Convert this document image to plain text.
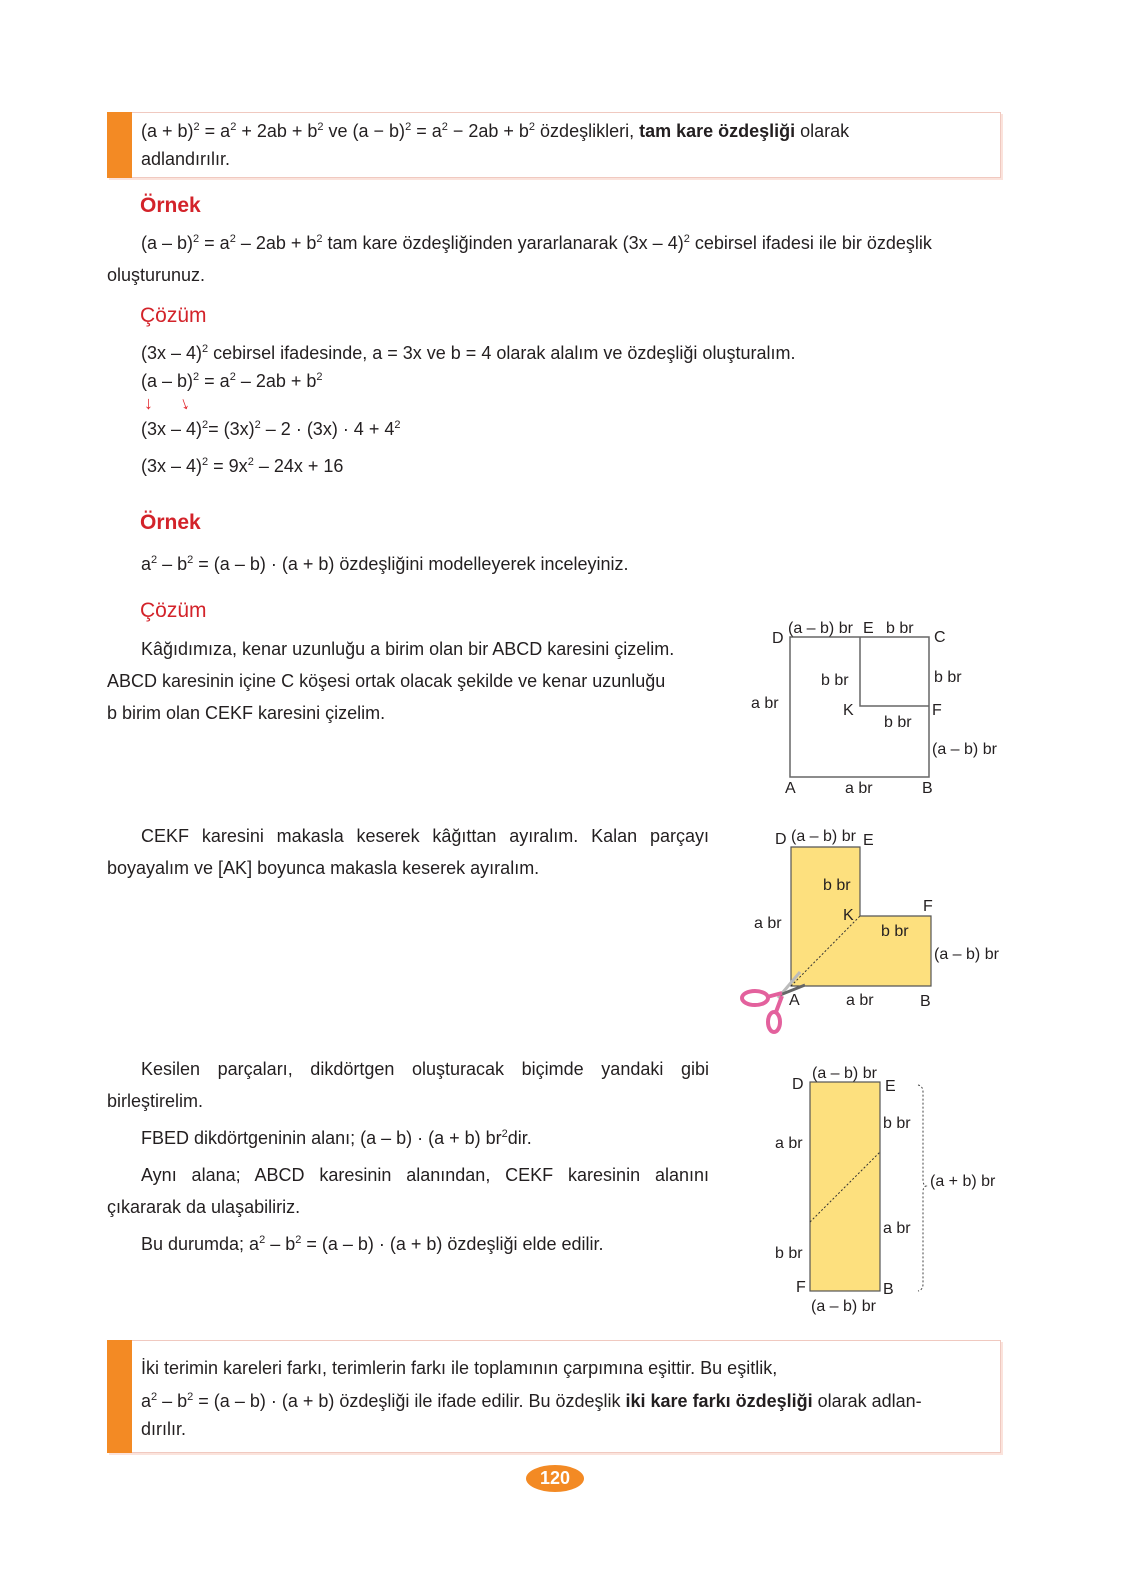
$(a + b)^2 = a^2 + 2ab + b^2$ ve $(a - b)^2 = a^2 - 2ab + b^2$ özdeşlikleri, tam kare özdeşliği olarak
adlandırılır.
Örnek
$(a - b)^2 = a^2 - 2ab + b^2$ tam kare özdeşliğinden yararlanarak (3x – 4)$^2$ cebirsel ifadesi ile bir özdeşlik
oluşturunuz.
Çözüm
(3x – 4)$^2$ cebirsel ifadesinde, a = 3x ve b = 4 olarak alalım ve özdeşliği oluşturalım.
$(a - b)^2 = a^2 - 2ab + b^2$
↓ ↓
$(3x - 4)^2= (3x)^2 - 2 \cdot (3x) \cdot 4 + 4^2$
$(3x - 4)^2 = 9x^2 - 24x + 16$
Örnek
$a^2 - b^2 = (a - b) \cdot (a + b)$ özdeşliğini modelleyerek inceleyiniz.
Çözüm
Kâğıdımıza, kenar uzunluğu a birim olan bir ABCD karesini çizelim.
ABCD karesinin içine C köşesi ortak olacak şekilde ve kenar uzunluğu
b birim olan CEKF karesini çizelim.
CEKF karesini makasla keserek kâğıttan ayıralım. Kalan parçayı
boyayalım ve [AK] boyunca makasla keserek ayıralım.
Kesilen parçaları, dikdörtgen oluşturacak biçimde yandaki gibi
birleştirelim.
FBED dikdörtgeninin alanı; (a – b) · (a + b) $br^2dir$.
Aynı alana; ABCD karesinin alanından, CEKF karesinin alanını
çıkararak da ulaşabiliriz.
Bu durumda; $a^2 - b^2 = (a - b) \cdot (a + b)$ özdeşliği elde edilir.
D
(a – b) br E b br
C
b br	b br
a br	K	F
b br
(a – b) br
A	a br	B
D (a – b) br E
b br
F
a br	K
b br
(a – b) br
A	a br	B
(a – b) br
D	E
b br
a br
(a + b) br
a br
b br
F	B
(a – b) br
İki terimin kareleri farkı, terimlerin farkı ile toplamının çarpımına eşittir. Bu eşitlik,
$a^2 - b^2 = (a - b) \cdot (a + b)$ özdeşliği ile ifade edilir. Bu özdeşlik iki kare farkı özdeşliği olarak adlan-
dırılır.
120
